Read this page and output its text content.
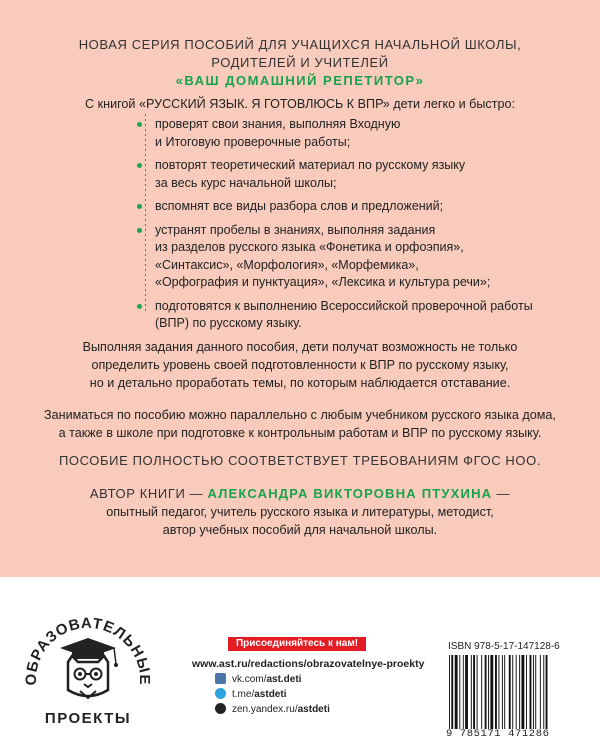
НОВАЯ СЕРИЯ ПОСОБИЙ ДЛЯ УЧАЩИХСЯ НАЧАЛЬНОЙ ШКОЛЫ,
РОДИТЕЛЕЙ И УЧИТЕЛЕЙ
«ВАШ ДОМАШНИЙ РЕПЕТИТОР»
С книгой «РУССКИЙ ЯЗЫК. Я ГОТОВЛЮСЬ К ВПР» дети легко и быстро:
проверят свои знания, выполняя Входную
и Итоговую проверочные работы;
повторят теоретический материал по русскому языку
за весь курс начальной школы;
вспомнят все виды разбора слов и предложений;
устранят пробелы в знаниях, выполняя задания
из разделов русского языка «Фонетика и орфоэпия»,
«Синтаксис», «Морфология», «Морфемика»,
«Орфография и пунктуация», «Лексика и культура речи»;
подготовятся к выполнению Всероссийской проверочной работы
(ВПР) по русскому языку.
Выполняя задания данного пособия, дети получат возможность не только
определить уровень своей подготовленности к ВПР по русскому языку,
но и детально проработать темы, по которым наблюдается отставание.
Заниматься по пособию можно параллельно с любым учебником русского языка дома,
а также в школе при подготовке к контрольным работам и ВПР по русскому языку.
ПОСОБИЕ ПОЛНОСТЬЮ СООТВЕТСТВУЕТ ТРЕБОВАНИЯМ ФГОС НОО.
АВТОР КНИГИ — АЛЕКСАНДРА ВИКТОРОВНА ПТУХИНА —
опытный педагог, учитель русского языка и литературы, методист,
автор учебных пособий для начальной школы.
ОБРАЗОВАТЕЛЬНЫЕ
ПРОЕКТЫ
Присоединяйтесь к нам!
www.ast.ru/redactions/obrazovatelnye-proekty
vk.com/ast.deti
t.me/astdeti
zen.yandex.ru/astdeti
ISBN 978-5-17-147128-6
9 785171 471286
